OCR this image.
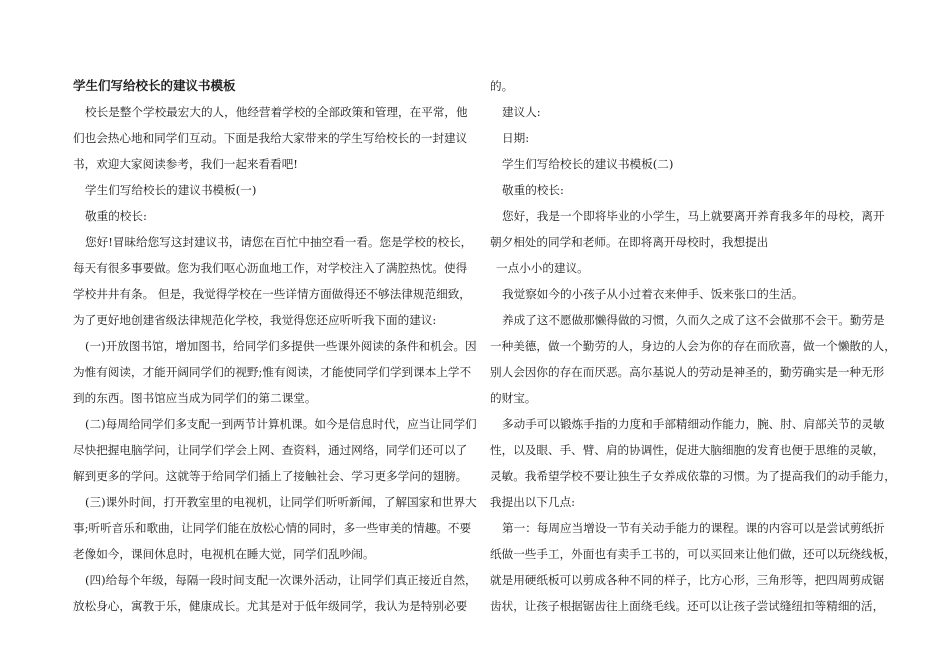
学生们写给校长的建议书模板
校长是整个学校最宏大的人，他经营着学校的全部政策和管理，在平常，他
们也会热心地和同学们互动。下面是我给大家带来的学生写给校长的一封建议
书，欢迎大家阅读参考，我们一起来看看吧!
学生们写给校长的建议书模板(一)
敬重的校长:
您好!冒昧给您写这封建议书，请您在百忙中抽空看一看。您是学校的校长，
每天有很多事要做。您为我们呕心沥血地工作，对学校注入了满腔热忱。使得
学校井井有条。 但是，我觉得学校在一些详情方面做得还不够法律规范细致，
为了更好地创建省级法律规范化学校，我觉得您还应听听我下面的建议:
(一)开放图书馆，增加图书，给同学们多提供一些课外阅读的条件和机会。因
为惟有阅读，才能开阔同学们的视野;惟有阅读，才能使同学们学到课本上学不
到的东西。图书馆应当成为同学们的第二课堂。
(二)每周给同学们多支配一到两节计算机课。如今是信息时代，应当让同学们
尽快把握电脑学问，让同学们学会上网、查资料，通过网络，同学们还可以了
解到更多的学问。这就等于给同学们插上了接触社会、学习更多学问的翅膀。
(三)课外时间，打开教室里的电视机，让同学们听听新闻，了解国家和世界大
事;听听音乐和歌曲，让同学们能在放松心情的同时，多一些审美的情趣。不要
老像如今，课间休息时，电视机在睡大觉，同学们乱吵闹。
(四)给每个年级，每隔一段时间支配一次课外活动，让同学们真正接近自然，
放松身心，寓教于乐，健康成长。尤其是对于低年级同学，我认为是特别必要
的。
建议人:
日期:
学生们写给校长的建议书模板(二)
敬重的校长:
您好，我是一个即将毕业的小学生，马上就要离开养育我多年的母校，离开
朝夕相处的同学和老师。在即将离开母校时，我想提出
一点小小的建议。
我觉察如今的小孩子从小过着衣来伸手、饭来张口的生活。
养成了这不愿做那懒得做的习惯，久而久之成了这不会做那不会干。勤劳是
一种美德，做一个勤劳的人，身边的人会为你的存在而欣喜，做一个懒散的人，
别人会因你的存在而厌恶。高尔基说人的劳动是神圣的，勤劳确实是一种无形
的财宝。
多动手可以锻炼手指的力度和手部精细动作能力，腕、肘、肩部关节的灵敏
性，以及眼、手、臂、肩的协调性，促进大脑细胞的发育也便于思维的灵敏，
灵敏。我希望学校不要让独生子女养成依靠的习惯。为了提高我们的动手能力，
我提出以下几点:
第一：每周应当增设一节有关动手能力的课程。课的内容可以是尝试剪纸折
纸做一些手工，外面也有卖手工书的，可以买回来让他们做，还可以玩绕线板，
就是用硬纸板可以剪成各种不同的样子，比方心形，三角形等，把四周剪成锯
齿状，让孩子根据锯齿往上面绕毛线。还可以让孩子尝试缝纽扣等精细的活，
